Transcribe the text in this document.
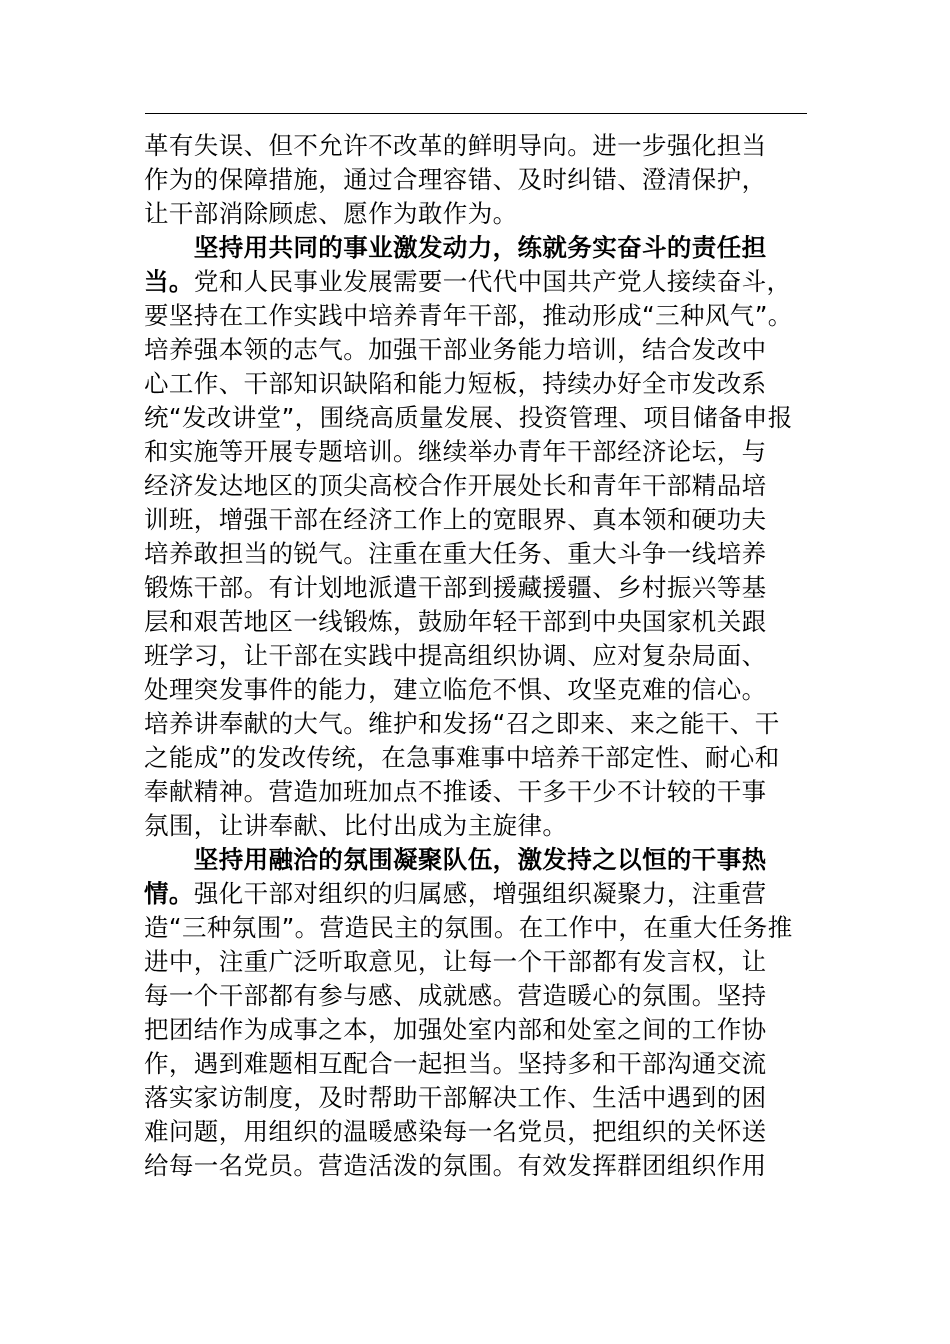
革有失误、但不允许不改革的鲜明导向。进一步强化担当
作为的保障措施，通过合理容错、及时纠错、澄清保护，
让干部消除顾虑、愿作为敢作为。
　　坚持用共同的事业激发动力，练就务实奋斗的责任担
当。党和人民事业发展需要一代代中国共产党人接续奋斗，
要坚持在工作实践中培养青年干部，推动形成“三种风气”。
培养强本领的志气。加强干部业务能力培训，结合发改中
心工作、干部知识缺陷和能力短板，持续办好全市发改系
统“发改讲堂”，围绕高质量发展、投资管理、项目储备申报
和实施等开展专题培训。继续举办青年干部经济论坛，与
经济发达地区的顶尖高校合作开展处长和青年干部精品培
训班，增强干部在经济工作上的宽眼界、真本领和硬功夫
培养敢担当的锐气。注重在重大任务、重大斗争一线培养
锻炼干部。有计划地派遣干部到援藏援疆、乡村振兴等基
层和艰苦地区一线锻炼，鼓励年轻干部到中央国家机关跟
班学习，让干部在实践中提高组织协调、应对复杂局面、
处理突发事件的能力，建立临危不惧、攻坚克难的信心。
培养讲奉献的大气。维护和发扬“召之即来、来之能干、干
之能成”的发改传统，在急事难事中培养干部定性、耐心和
奉献精神。营造加班加点不推诿、干多干少不计较的干事
氛围，让讲奉献、比付出成为主旋律。
　　坚持用融洽的氛围凝聚队伍，激发持之以恒的干事热
情。强化干部对组织的归属感，增强组织凝聚力，注重营
造“三种氛围”。营造民主的氛围。在工作中，在重大任务推
进中，注重广泛听取意见，让每一个干部都有发言权，让
每一个干部都有参与感、成就感。营造暖心的氛围。坚持
把团结作为成事之本，加强处室内部和处室之间的工作协
作，遇到难题相互配合一起担当。坚持多和干部沟通交流
落实家访制度，及时帮助干部解决工作、生活中遇到的困
难问题，用组织的温暖感染每一名党员，把组织的关怀送
给每一名党员。营造活泼的氛围。有效发挥群团组织作用
